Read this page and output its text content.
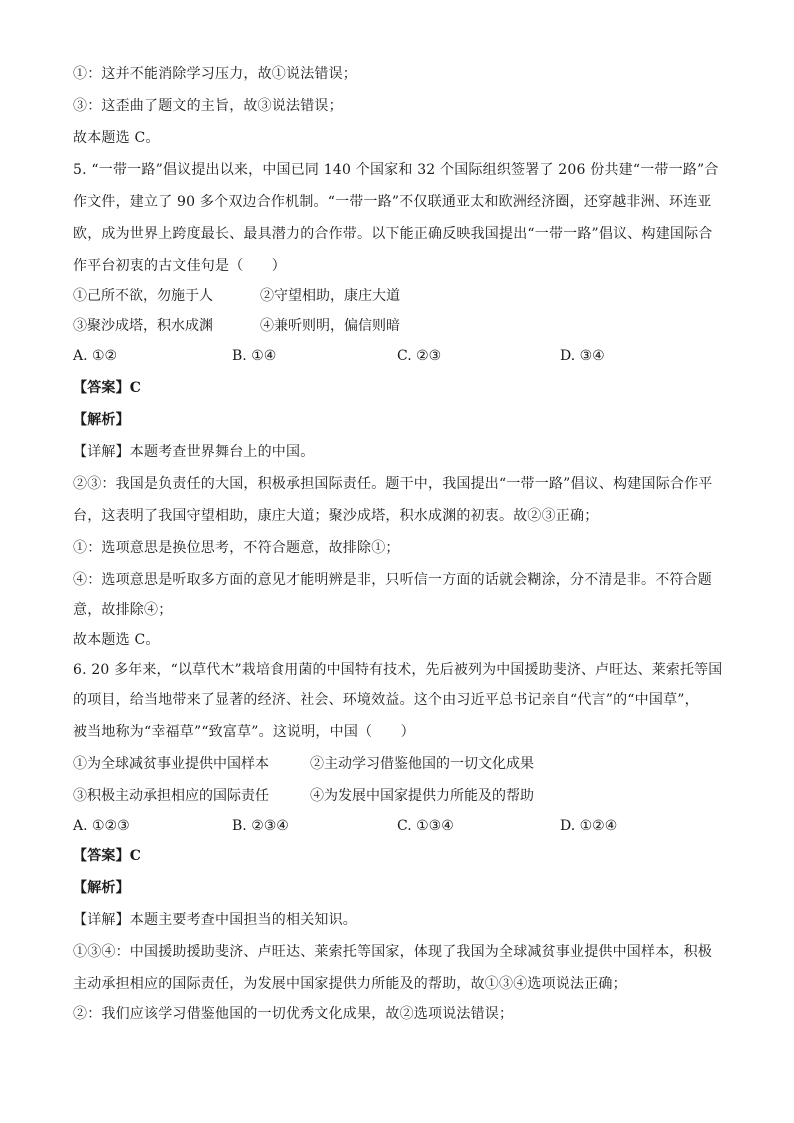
①：这并不能消除学习压力，故①说法错误；
③：这歪曲了题文的主旨，故③说法错误；
故本题选 C。
5. “一带一路”倡议提出以来，中国已同 140 个国家和 32 个国际组织签署了 206 份共建“一带一路”合
作文件，建立了 90 多个双边合作机制。“一带一路”不仅联通亚太和欧洲经济圈，还穿越非洲、环连亚
欧，成为世界上跨度最长、最具潜力的合作带。以下能正确反映我国提出“一带一路”倡议、构建国际合
作平台初衷的古文佳句是（　　）
①己所不欲，勿施于人	②守望相助，康庄大道
③聚沙成塔，积水成渊	④兼听则明，偏信则暗
A. ①②	B. ①④	C. ②③	D. ③④
【答案】C
【解析】
【详解】本题考查世界舞台上的中国。
②③：我国是负责任的大国，积极承担国际责任。题干中，我国提出“一带一路”倡议、构建国际合作平
台，这表明了我国守望相助，康庄大道；聚沙成塔，积水成渊的初衷。故②③正确；
①：选项意思是换位思考，不符合题意，故排除①；
④：选项意思是听取多方面的意见才能明辨是非，只听信一方面的话就会糊涂，分不清是非。不符合题
意，故排除④；
故本题选 C。
6. 20 多年来，“以草代木”栽培食用菌的中国特有技术，先后被列为中国援助斐济、卢旺达、莱索托等国
的项目，给当地带来了显著的经济、社会、环境效益。这个由习近平总书记亲自“代言”的“中国草”，
被当地称为“幸福草”“致富草”。这说明，中国（　　）
①为全球减贫事业提供中国样本	②主动学习借鉴他国的一切文化成果
③积极主动承担相应的国际责任	④为发展中国家提供力所能及的帮助
A. ①②③	B. ②③④	C. ①③④	D. ①②④
【答案】C
【解析】
【详解】本题主要考查中国担当的相关知识。
①③④：中国援助援助斐济、卢旺达、莱索托等国家，体现了我国为全球减贫事业提供中国样本，积极
主动承担相应的国际责任，为发展中国家提供力所能及的帮助，故①③④选项说法正确；
②：我们应该学习借鉴他国的一切优秀文化成果，故②选项说法错误；
